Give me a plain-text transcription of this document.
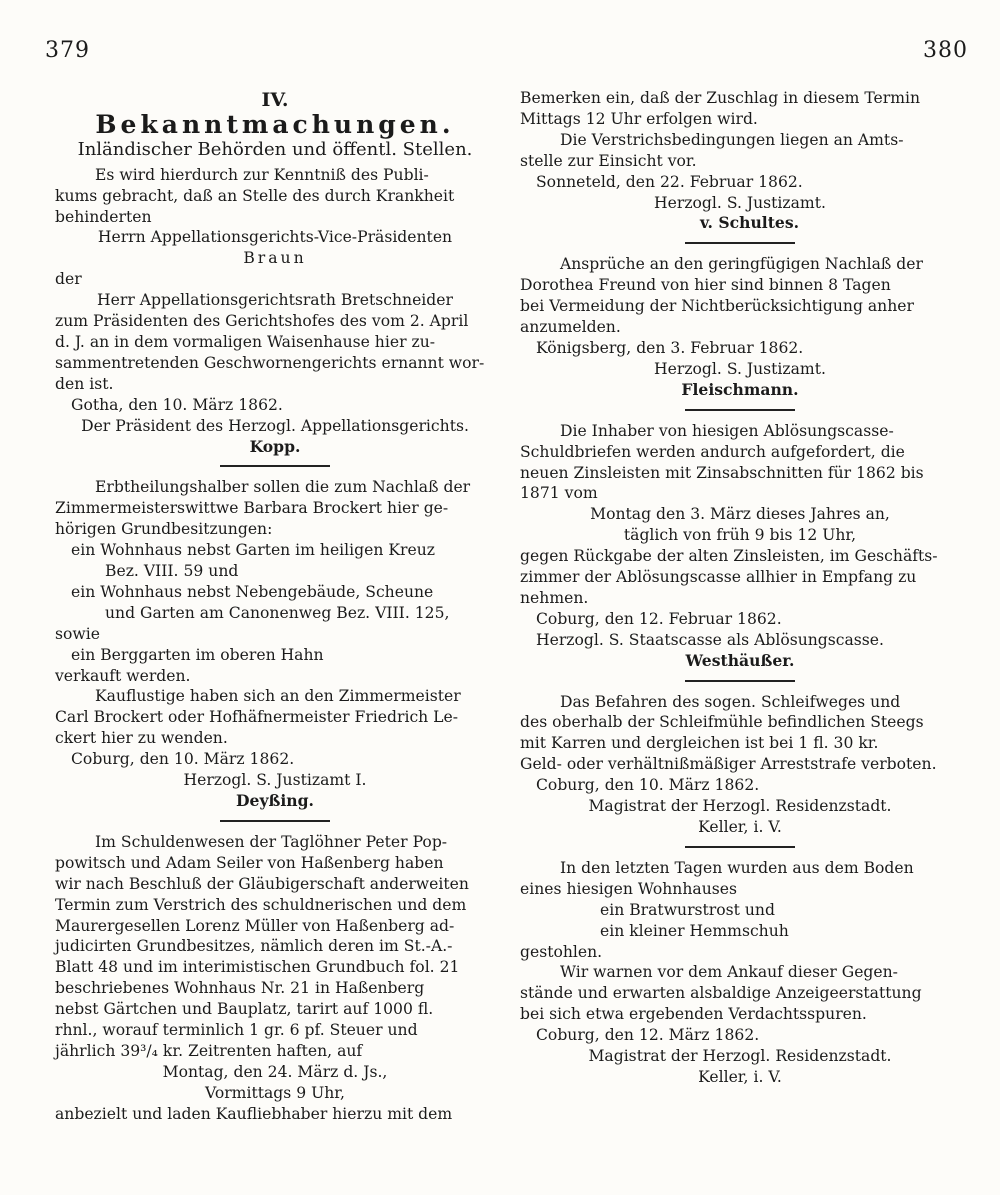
379	380
IV.
Bekanntmachungen.
Inländischer Behörden und öffentl. Stellen.

Es wird hierdurch zur Kenntniß des Publi-

kums gebracht, daß an Stelle des durch Krankheit

behinderten

Herrn Appellationsgerichts-Vice-Präsidenten

Braun

der

Herr Appellationsgerichtsrath Bretschneider

zum Präsidenten des Gerichtshofes des vom 2. April

d. J. an in dem vormaligen Waisenhause hier zu-

sammentretenden Geschwornengerichts ernannt wor-

den ist.

Gotha, den 10. März 1862.

Der Präsident des Herzogl. Appellationsgerichts.

Kopp.

Erbtheilungshalber sollen die zum Nachlaß der

Zimmermeisterswittwe Barbara Brockert hier ge-

hörigen Grundbesitzungen:

ein Wohnhaus nebst Garten im heiligen Kreuz

Bez. VIII. 59 und

ein Wohnhaus nebst Nebengebäude, Scheune

und Garten am Canonenweg Bez. VIII. 125,

sowie

ein Berggarten im oberen Hahn

verkauft werden.

Kauflustige haben sich an den Zimmermeister

Carl Brockert oder Hofhäfnermeister Friedrich Le-

ckert hier zu wenden.

Coburg, den 10. März 1862.

Herzogl. S. Justizamt I.

Deyßing.

Im Schuldenwesen der Taglöhner Peter Pop-

powitsch und Adam Seiler von Haßenberg haben

wir nach Beschluß der Gläubigerschaft anderweiten

Termin zum Verstrich des schuldnerischen und dem

Maurergesellen Lorenz Müller von Haßenberg ad-

judicirten Grundbesitzes, nämlich deren im St.-A.-

Blatt 48 und im interimistischen Grundbuch fol. 21

beschriebenes Wohnhaus Nr. 21 in Haßenberg

nebst Gärtchen und Bauplatz, tarirt auf 1000 fl.

rhnl., worauf terminlich 1 gr. 6 pf. Steuer und

jährlich 39³/₄ kr. Zeitrenten haften, auf

Montag, den 24. März d. Js.,

Vormittags 9 Uhr,

anbezielt und laden Kaufliebhaber hierzu mit dem

Bemerken ein, daß der Zuschlag in diesem Termin

Mittags 12 Uhr erfolgen wird.

Die Verstrichsbedingungen liegen an Amts-

stelle zur Einsicht vor.

Sonneteld, den 22. Februar 1862.

Herzogl. S. Justizamt.

v. Schultes.

Ansprüche an den geringfügigen Nachlaß der

Dorothea Freund von hier sind binnen 8 Tagen

bei Vermeidung der Nichtberücksichtigung anher

anzumelden.

Königsberg, den 3. Februar 1862.

Herzogl. S. Justizamt.

Fleischmann.

Die Inhaber von hiesigen Ablösungscasse-

Schuldbriefen werden andurch aufgefordert, die

neuen Zinsleisten mit Zinsabschnitten für 1862 bis

1871 vom

Montag den 3. März dieses Jahres an,

täglich von früh 9 bis 12 Uhr,

gegen Rückgabe der alten Zinsleisten, im Geschäfts-

zimmer der Ablösungscasse allhier in Empfang zu

nehmen.

Coburg, den 12. Februar 1862.

Herzogl. S. Staatscasse als Ablösungscasse.

Westhäußer.

Das Befahren des sogen. Schleifweges und

des oberhalb der Schleifmühle befindlichen Steegs

mit Karren und dergleichen ist bei 1 fl. 30 kr.

Geld- oder verhältnißmäßiger Arreststrafe verboten.

Coburg, den 10. März 1862.

Magistrat der Herzogl. Residenzstadt.

Keller, i. V.

In den letzten Tagen wurden aus dem Boden

eines hiesigen Wohnhauses

ein Bratwurstrost und

ein kleiner Hemmschuh

gestohlen.

Wir warnen vor dem Ankauf dieser Gegen-

stände und erwarten alsbaldige Anzeigeerstattung

bei sich etwa ergebenden Verdachtsspuren.

Coburg, den 12. März 1862.

Magistrat der Herzogl. Residenzstadt.

Keller, i. V.
